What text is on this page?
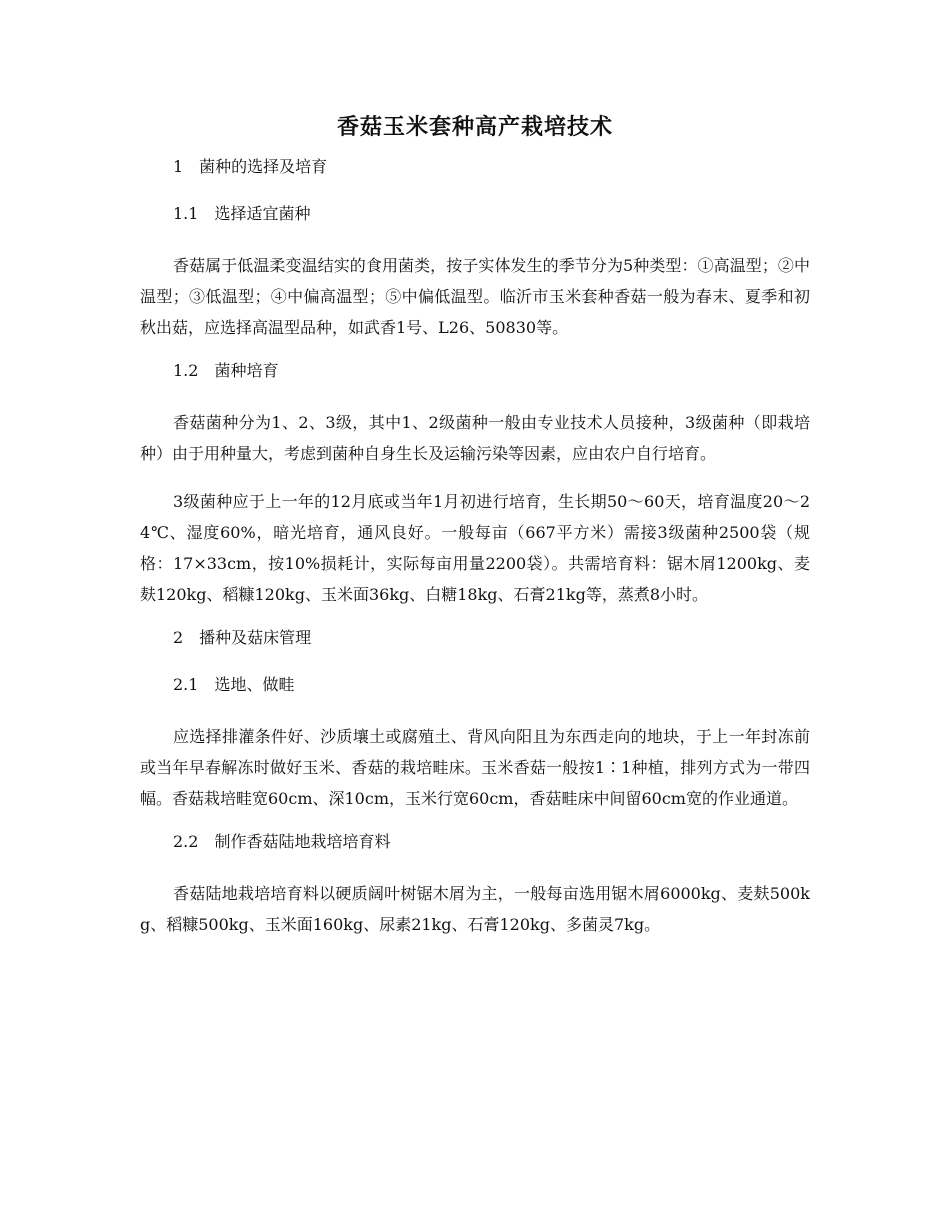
香菇玉米套种高产栽培技术
1　菌种的选择及培育
1.1　选择适宜菌种

香菇属于低温柔变温结实的食用菌类，按子实体发生的季节分为5种类型：①高温型；②中温型；③低温型；④中偏高温型；⑤中偏低温型。临沂市玉米套种香菇一般为春末、夏季和初秋出菇，应选择高温型品种，如武香1号、L26、50830等。

1.2　菌种培育

香菇菌种分为1、2、3级，其中1、2级菌种一般由专业技术人员接种，3级菌种（即栽培种）由于用种量大，考虑到菌种自身生长及运输污染等因素，应由农户自行培育。

3级菌种应于上一年的12月底或当年1月初进行培育，生长期50～60天，培育温度20～24℃、湿度60%，暗光培育，通风良好。一般每亩（667平方米）需接3级菌种2500袋（规格：17×33cm，按10%损耗计，实际每亩用量2200袋）。共需培育料：锯木屑1200kg、麦麸120kg、稻糠120kg、玉米面36kg、白糖18kg、石膏21kg等，蒸煮8小时。

2　播种及菇床管理
2.1　选地、做畦

应选择排灌条件好、沙质壤土或腐殖土、背风向阳且为东西走向的地块，于上一年封冻前或当年早春解冻时做好玉米、香菇的栽培畦床。玉米香菇一般按1∶1种植，排列方式为一带四幅。香菇栽培畦宽60cm、深10cm，玉米行宽60cm，香菇畦床中间留60cm宽的作业通道。

2.2　制作香菇陆地栽培培育料

香菇陆地栽培培育料以硬质阔叶树锯木屑为主，一般每亩选用锯木屑6000kg、麦麸500kg、稻糠500kg、玉米面160kg、尿素21kg、石膏120kg、多菌灵7kg。
